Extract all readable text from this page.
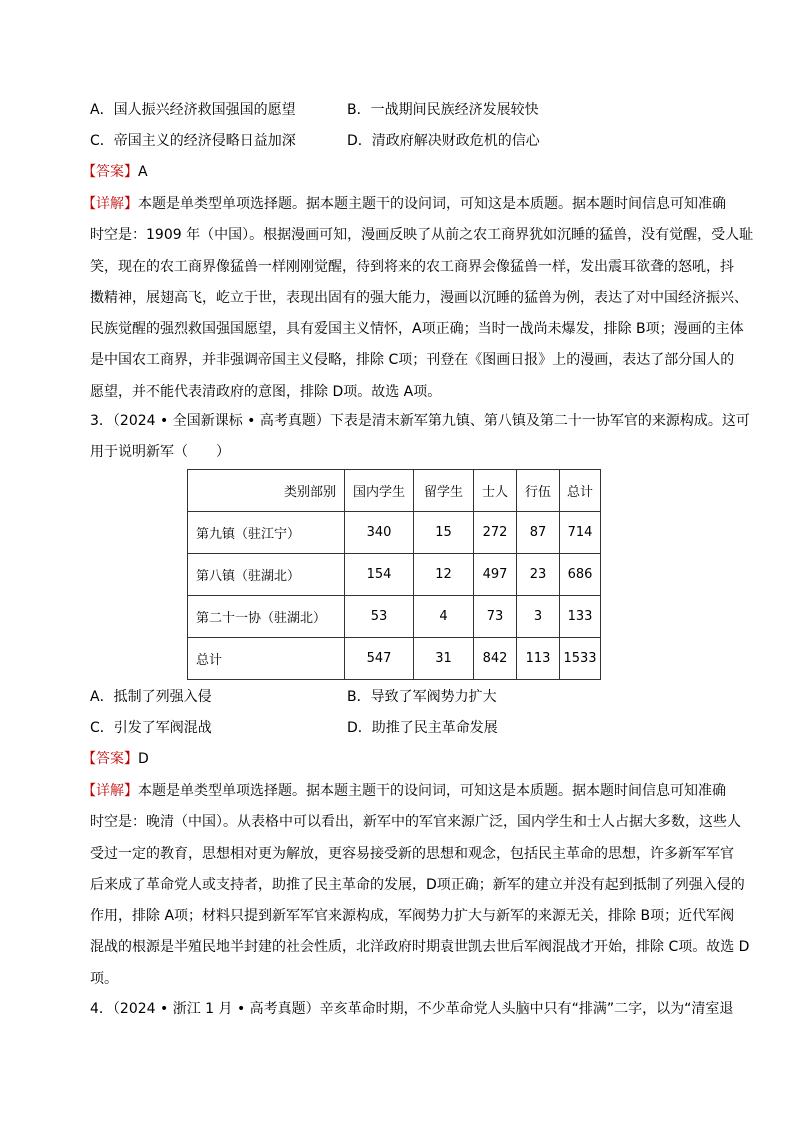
A．国人振兴经济救国强国的愿望	B．一战期间民族经济发展较快
C．帝国主义的经济侵略日益加深	D．清政府解决财政危机的信心
【答案】A

【详解】本题是单类型单项选择题。据本题主题干的设问词，可知这是本质题。据本题时间信息可知准确

时空是：1909 年（中国）。根据漫画可知，漫画反映了从前之农工商界犹如沉睡的猛兽，没有觉醒，受人耻

笑，现在的农工商界像猛兽一样刚刚觉醒，待到将来的农工商界会像猛兽一样，发出震耳欲聋的怒吼，抖

擞精神，展翅高飞，屹立于世，表现出固有的强大能力，漫画以沉睡的猛兽为例，表达了对中国经济振兴、

民族觉醒的强烈救国强国愿望，具有爱国主义情怀，A项正确；当时一战尚未爆发，排除 B项；漫画的主体

是中国农工商界，并非强调帝国主义侵略，排除 C项；刊登在《图画日报》上的漫画，表达了部分国人的

愿望，并不能代表清政府的意图，排除 D项。故选 A项。

3．（2024 • 全国新课标 • 高考真题）下表是清末新军第九镇、第八镇及第二十一协军官的来源构成。这可
用于说明新军（　　）
类别部别	国内学生	留学生	士人	行伍	总计
第九镇（驻江宁）	340	15	272	87	714
第八镇（驻湖北）	154	12	497	23	686
第二十一协（驻湖北）	53	4	73	3	133
总计	547	31	842	113	1533
A．抵制了列强入侵	B．导致了军阀势力扩大
C．引发了军阀混战	D．助推了民主革命发展
【答案】D

【详解】本题是单类型单项选择题。据本题主题干的设问词，可知这是本质题。据本题时间信息可知准确

时空是：晚清（中国）。从表格中可以看出，新军中的军官来源广泛，国内学生和士人占据大多数，这些人

受过一定的教育，思想相对更为解放，更容易接受新的思想和观念，包括民主革命的思想，许多新军军官

后来成了革命党人或支持者，助推了民主革命的发展，D项正确；新军的建立并没有起到抵制了列强入侵的

作用，排除 A项；材料只提到新军军官来源构成，军阀势力扩大与新军的来源无关，排除 B项；近代军阀

混战的根源是半殖民地半封建的社会性质，北洋政府时期袁世凯去世后军阀混战才开始，排除 C项。故选 D

项。

4．（2024 • 浙江 1 月 • 高考真题）辛亥革命时期，不少革命党人头脑中只有“排满”二字，以为“清室退
